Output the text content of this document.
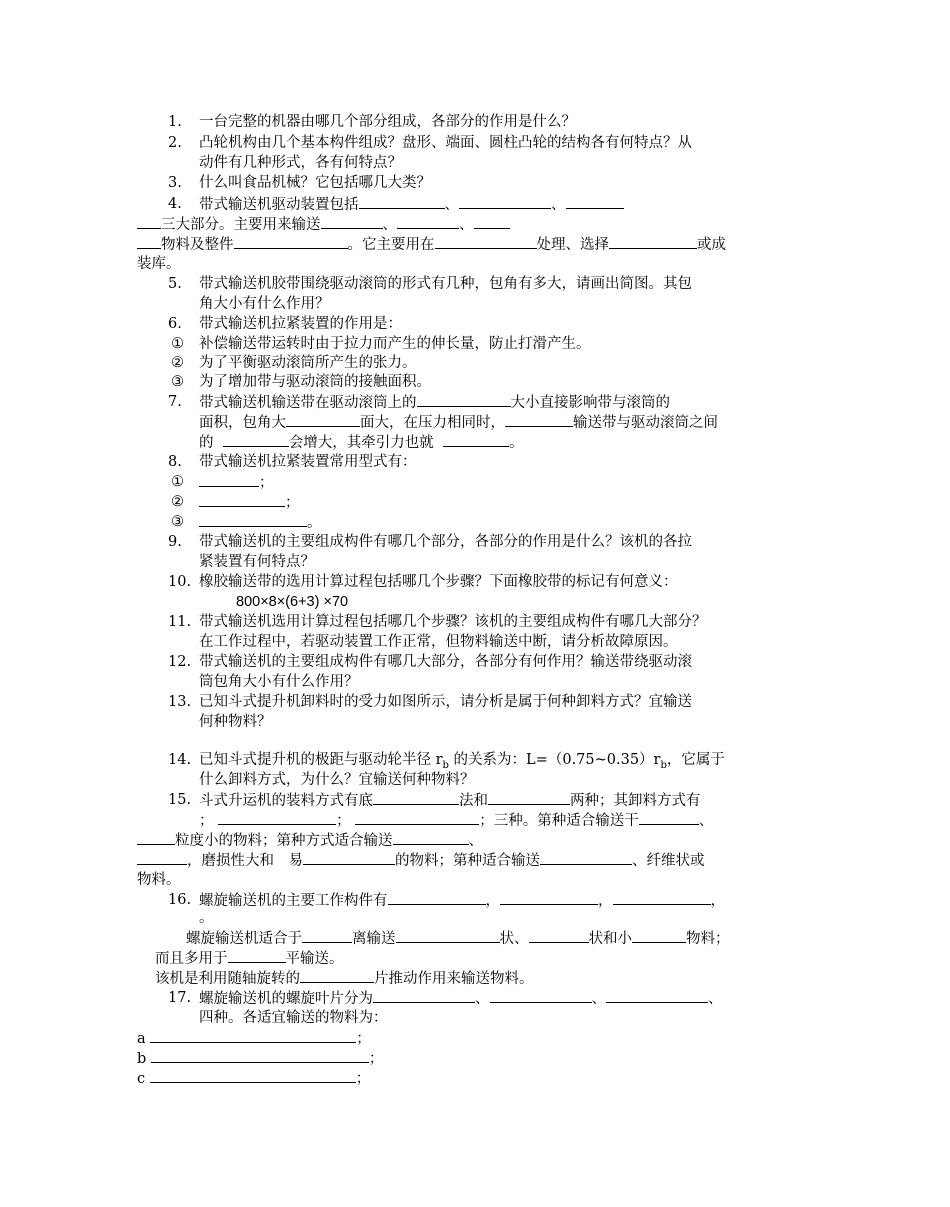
1. 一台完整的机器由哪几个部分组成，各部分的作用是什么？
2. 凸轮机构由几个基本构件组成？盘形、端面、圆柱凸轮的结构各有何特点？从
动件有几种形式，各有何特点？
3. 什么叫食品机械？它包括哪几大类？
4. 带式输送机驱动装置包括	、	、
三大部分。主要用来输送	、	、
物料及整件	。它主要用在	处理、选择	或成
装库。
5. 带式输送机胶带围绕驱动滚筒的形式有几种，包角有多大，请画出简图。其包
角大小有什么作用？
6. 带式输送机拉紧装置的作用是：
① 补偿输送带运转时由于拉力而产生的伸长量，防止打滑产生。
② 为了平衡驱动滚筒所产生的张力。
③ 为了增加带与驱动滚筒的接触面积。
7. 带式输送机输送带在驱动滚筒上的	大小直接影响带与滚筒的
面积，包角大	面大，在压力相同时，	输送带与驱动滚筒之间
的	会增大，其牵引力也就	。
8. 带式输送机拉紧装置常用型式有：
①	；
②	；
③	。
9. 带式输送机的主要组成构件有哪几个部分，各部分的作用是什么？该机的各拉
紧装置有何特点？
10. 橡胶输送带的选用计算过程包括哪几个步骤？下面橡胶带的标记有何意义：
800×8×(6+3) ×70
11. 带式输送机选用计算过程包括哪几个步骤？该机的主要组成构件有哪几大部分？
在工作过程中，若驱动装置工作正常，但物料输送中断，请分析故障原因。
12. 带式输送机的主要组成构件有哪几大部分，各部分有何作用？输送带绕驱动滚
筒包角大小有什么作用？
13. 已知斗式提升机卸料时的受力如图所示，请分析是属于何种卸料方式？宜输送
何种物料？
14. 已知斗式提升机的极距与驱动轮半径 $r_b$ 的关系为：$L=(0.75\sim 0.35)r_b$，它属于
什么卸料方式，为什么？宜输送何种物料？
15. 斗式升运机的装料方式有底	法和	两种；其卸料方式有
；	；	；三种。第种适合输送干	、
粒度小的物料；第种方式适合输送	、
，磨损性大和　易	的物料；第种适合输送	、纤维状或
物料。
16. 螺旋输送机的主要工作构件有	，	，	，
。
螺旋输送机适合于	离输送	状、	状和小	物料；
而且多用于	平输送。
该机是利用随轴旋转的	片推动作用来输送物料。
17. 螺旋输送机的螺旋叶片分为	、	、	、
四种。各适宜输送的物料为：
a	；
b	；
c	；
